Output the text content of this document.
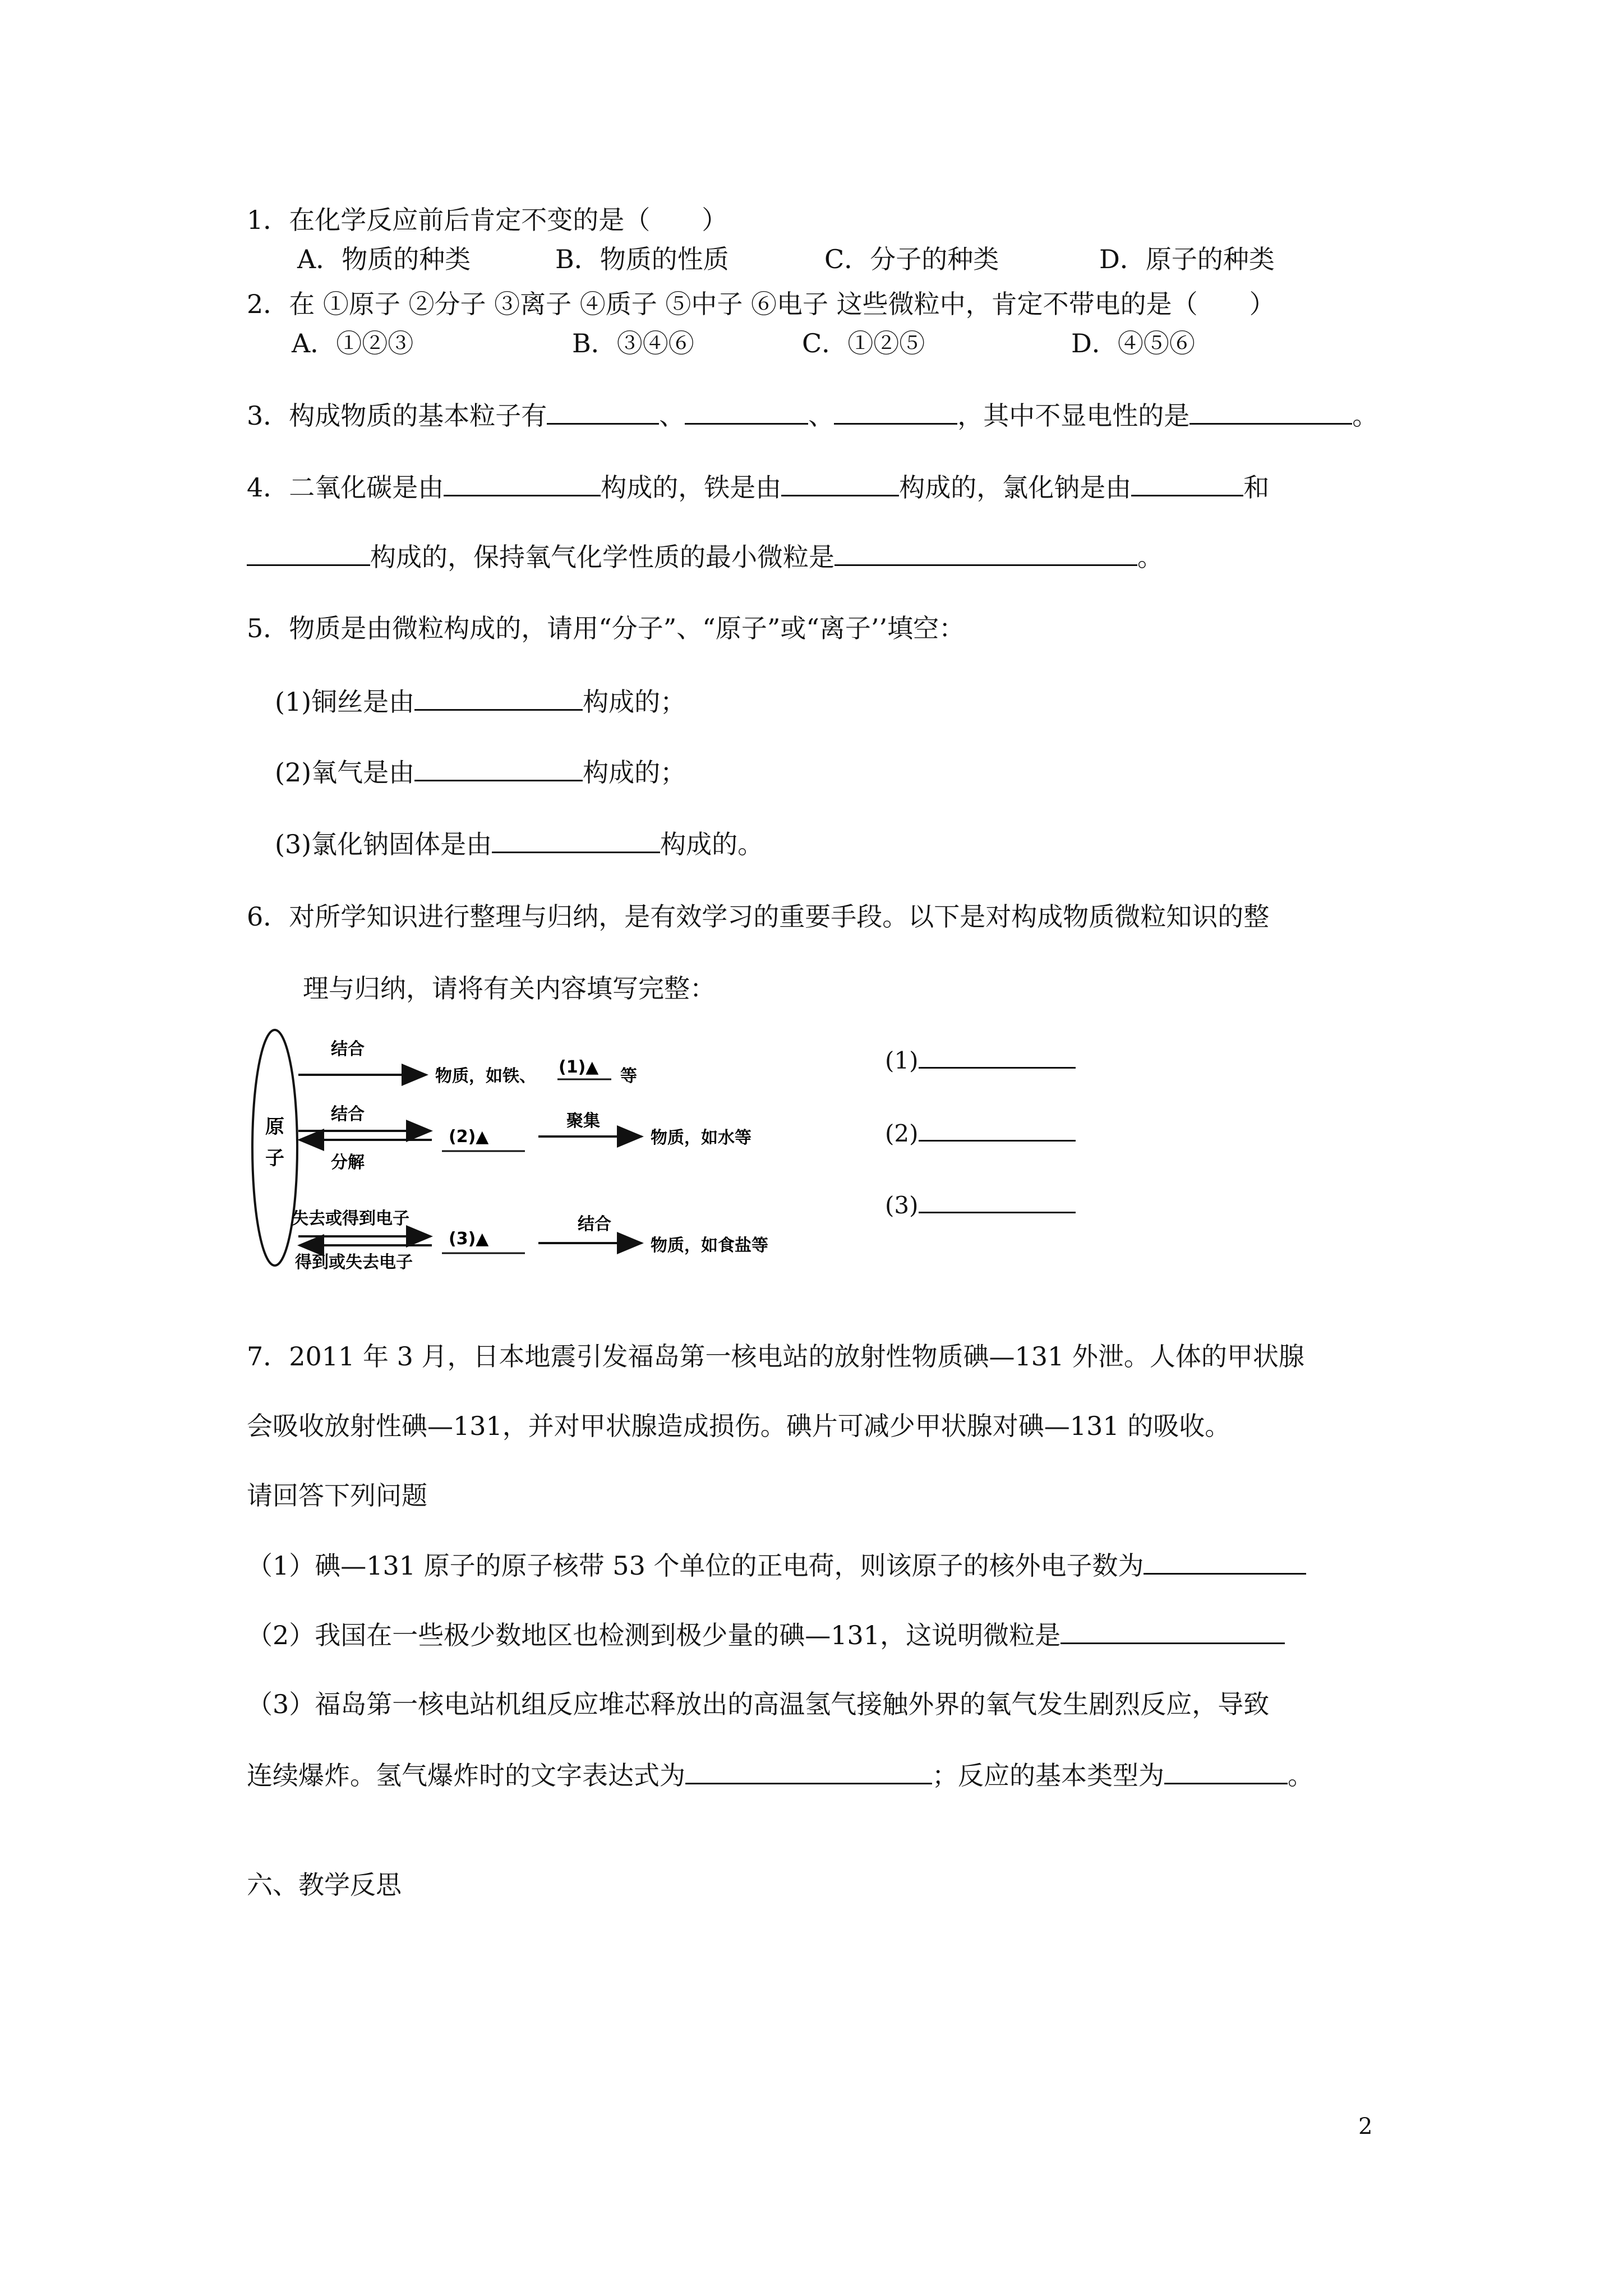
1．在化学反应前后肯定不变的是（　　）
A．物质的种类	B．物质的性质	C．分子的种类	D．原子的种类
2．在 ①原子 ②分子 ③离子 ④质子 ⑤中子 ⑥电子 这些微粒中，肯定不带电的是（　　）
A．①②③	B．③④⑥	C．①②⑤	D．④⑤⑥
3．构成物质的基本粒子有	、	、	，其中不显电性的是	。
4．二氧化碳是由	构成的，铁是由	构成的，氯化钠是由	和
构成的，保持氧气化学性质的最小微粒是	。
5．物质是由微粒构成的，请用“分子”、“原子”或“离子’’填空：
(1)铜丝是由	构成的；
(2)氧气是由	构成的；
(3)氯化钠固体是由	构成的。
6．对所学知识进行整理与归纳，是有效学习的重要手段。以下是对构成物质微粒知识的整
理与归纳，请将有关内容填写完整：
原
子
结合
物质，如铁、 (1)▲ 等
结合
分解
(2)▲
聚集
物质，如水等
失去或得到电子
得到或失去电子
(3)▲
结合
物质，如食盐等
(1)
(2)
(3)
7．2011 年 3 月，日本地震引发福岛第一核电站的放射性物质碘—131 外泄。人体的甲状腺
会吸收放射性碘—131，并对甲状腺造成损伤。碘片可减少甲状腺对碘—131 的吸收。
请回答下列问题
（1）碘—131 原子的原子核带 53 个单位的正电荷，则该原子的核外电子数为
（2）我国在一些极少数地区也检测到极少量的碘—131，这说明微粒是
（3）福岛第一核电站机组反应堆芯释放出的高温氢气接触外界的氧气发生剧烈反应，导致
连续爆炸。氢气爆炸时的文字表达式为	；反应的基本类型为	。
六、教学反思
2
